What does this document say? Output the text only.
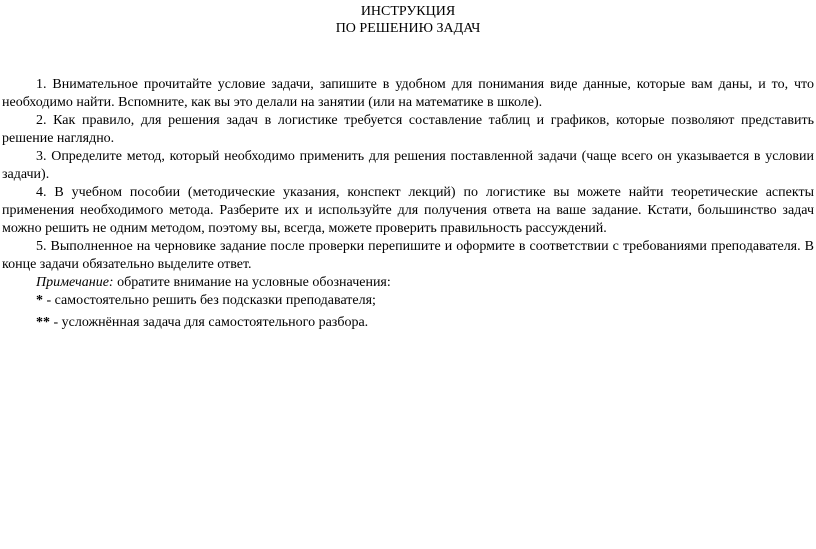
ИНСТРУКЦИЯ
ПО РЕШЕНИЮ ЗАДАЧ

1. Внимательное прочитайте условие задачи, запишите в удобном для понимания виде данные, которые вам даны, и то, что необходимо найти. Вспомните, как вы это делали на занятии (или на математике в школе).

2. Как правило, для решения задач в логистике требуется составление таблиц и графиков, которые позволяют представить решение наглядно.

3. Определите метод, который необходимо применить для решения поставленной задачи (чаще всего он указывается в условии задачи).

4. В учебном пособии (методические указания, конспект лекций) по логистике вы можете найти теоретические аспекты применения необходимого метода. Разберите их и используйте для получения ответа на ваше задание. Кстати, большинство задач можно решить не одним методом, поэтому вы, всегда, можете проверить правильность рассуждений.

5. Выполненное на черновике задание после проверки перепишите и оформите в соответствии с требованиями преподавателя. В конце задачи обязательно выделите ответ.

Примечание: обратите внимание на условные обозначения:

* - самостоятельно решить без подсказки преподавателя;

** - усложнённая задача для самостоятельного разбора.
